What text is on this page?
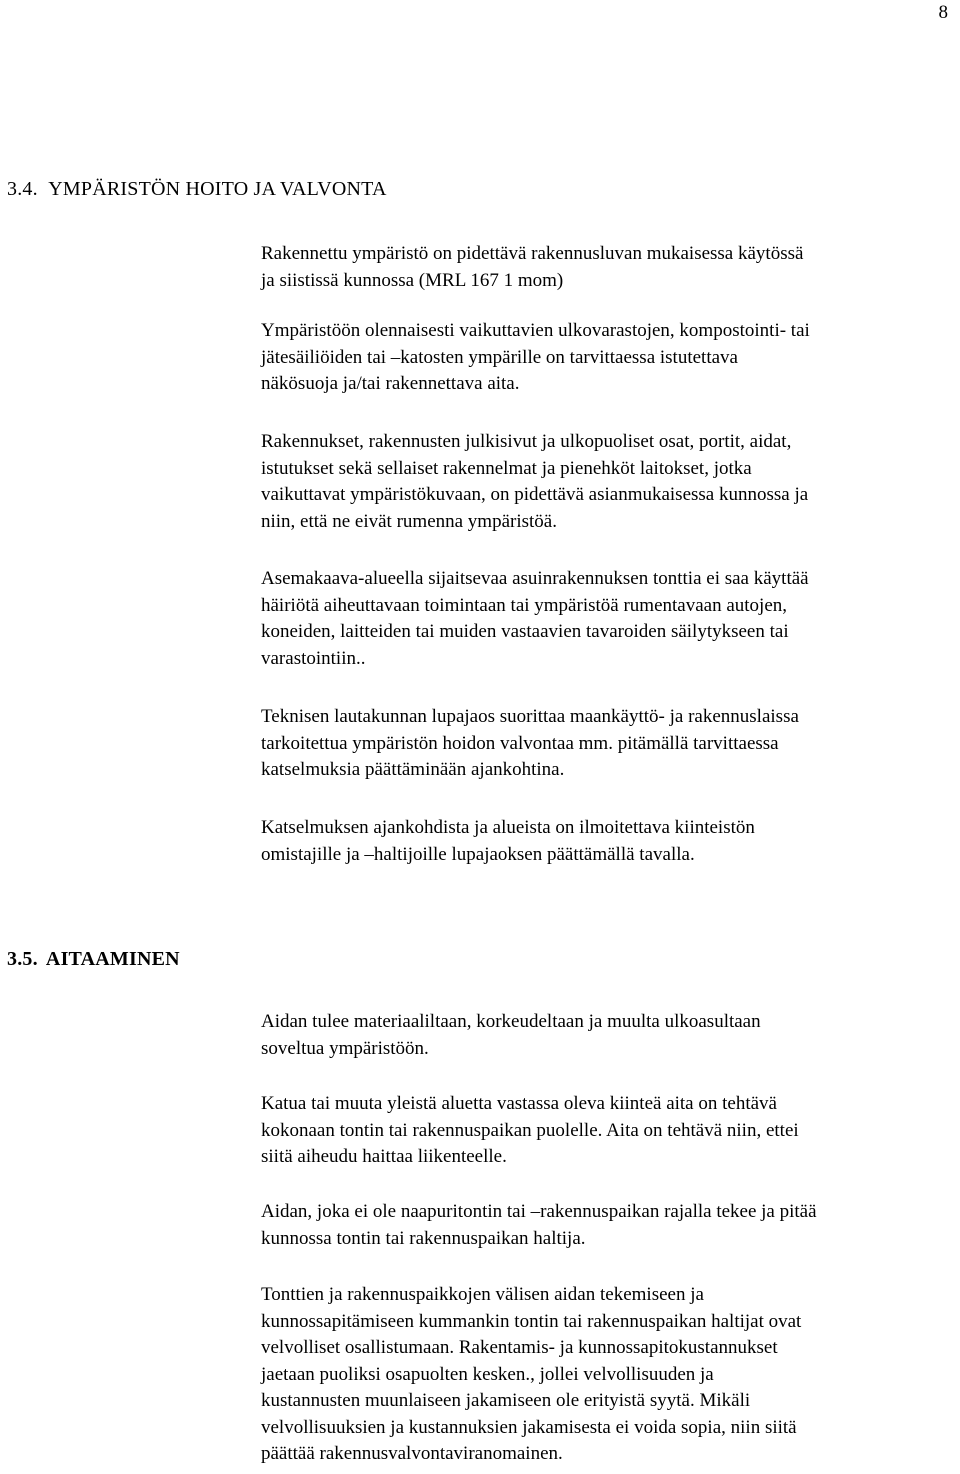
8
3.4. YMPÄRISTÖN HOITO JA VALVONTA
Rakennettu ympäristö on pidettävä rakennusluvan mukaisessa käytössä
ja siistissä kunnossa (MRL 167 1 mom)
Ympäristöön olennaisesti vaikuttavien ulkovarastojen, kompostointi- tai
jätesäiliöiden tai –katosten ympärille on tarvittaessa istutettava
näkösuoja ja/tai rakennettava aita.
Rakennukset, rakennusten julkisivut ja ulkopuoliset osat, portit, aidat,
istutukset sekä sellaiset rakennelmat ja pienehköt laitokset, jotka
vaikuttavat ympäristökuvaan, on pidettävä asianmukaisessa kunnossa ja
niin, että ne eivät rumenna ympäristöä.
Asemakaava-alueella sijaitsevaa asuinrakennuksen tonttia ei saa käyttää
häiriötä aiheuttavaan toimintaan tai ympäristöä rumentavaan autojen,
koneiden, laitteiden tai muiden vastaavien tavaroiden säilytykseen tai
varastointiin..
Teknisen lautakunnan lupajaos suorittaa maankäyttö- ja rakennuslaissa
tarkoitettua ympäristön hoidon valvontaa mm. pitämällä tarvittaessa
katselmuksia päättäminään ajankohtina.
Katselmuksen ajankohdista ja alueista on ilmoitettava kiinteistön
omistajille ja –haltijoille lupajaoksen päättämällä tavalla.
3.5. AITAAMINEN
Aidan tulee materiaaliltaan, korkeudeltaan ja muulta ulkoasultaan
soveltua ympäristöön.
Katua tai muuta yleistä aluetta vastassa oleva kiinteä aita on tehtävä
kokonaan tontin tai rakennuspaikan puolelle. Aita on tehtävä niin, ettei
siitä aiheudu haittaa liikenteelle.
Aidan, joka ei ole naapuritontin tai –rakennuspaikan rajalla tekee ja pitää
kunnossa tontin tai rakennuspaikan haltija.
Tonttien ja rakennuspaikkojen välisen aidan tekemiseen ja
kunnossapitämiseen kummankin tontin tai rakennuspaikan haltijat ovat
velvolliset osallistumaan. Rakentamis- ja kunnossapitokustannukset
jaetaan puoliksi osapuolten kesken., jollei velvollisuuden ja
kustannusten muunlaiseen jakamiseen ole erityistä syytä. Mikäli
velvollisuuksien ja kustannuksien jakamisesta ei voida sopia, niin siitä
päättää rakennusvalvontaviranomainen.
